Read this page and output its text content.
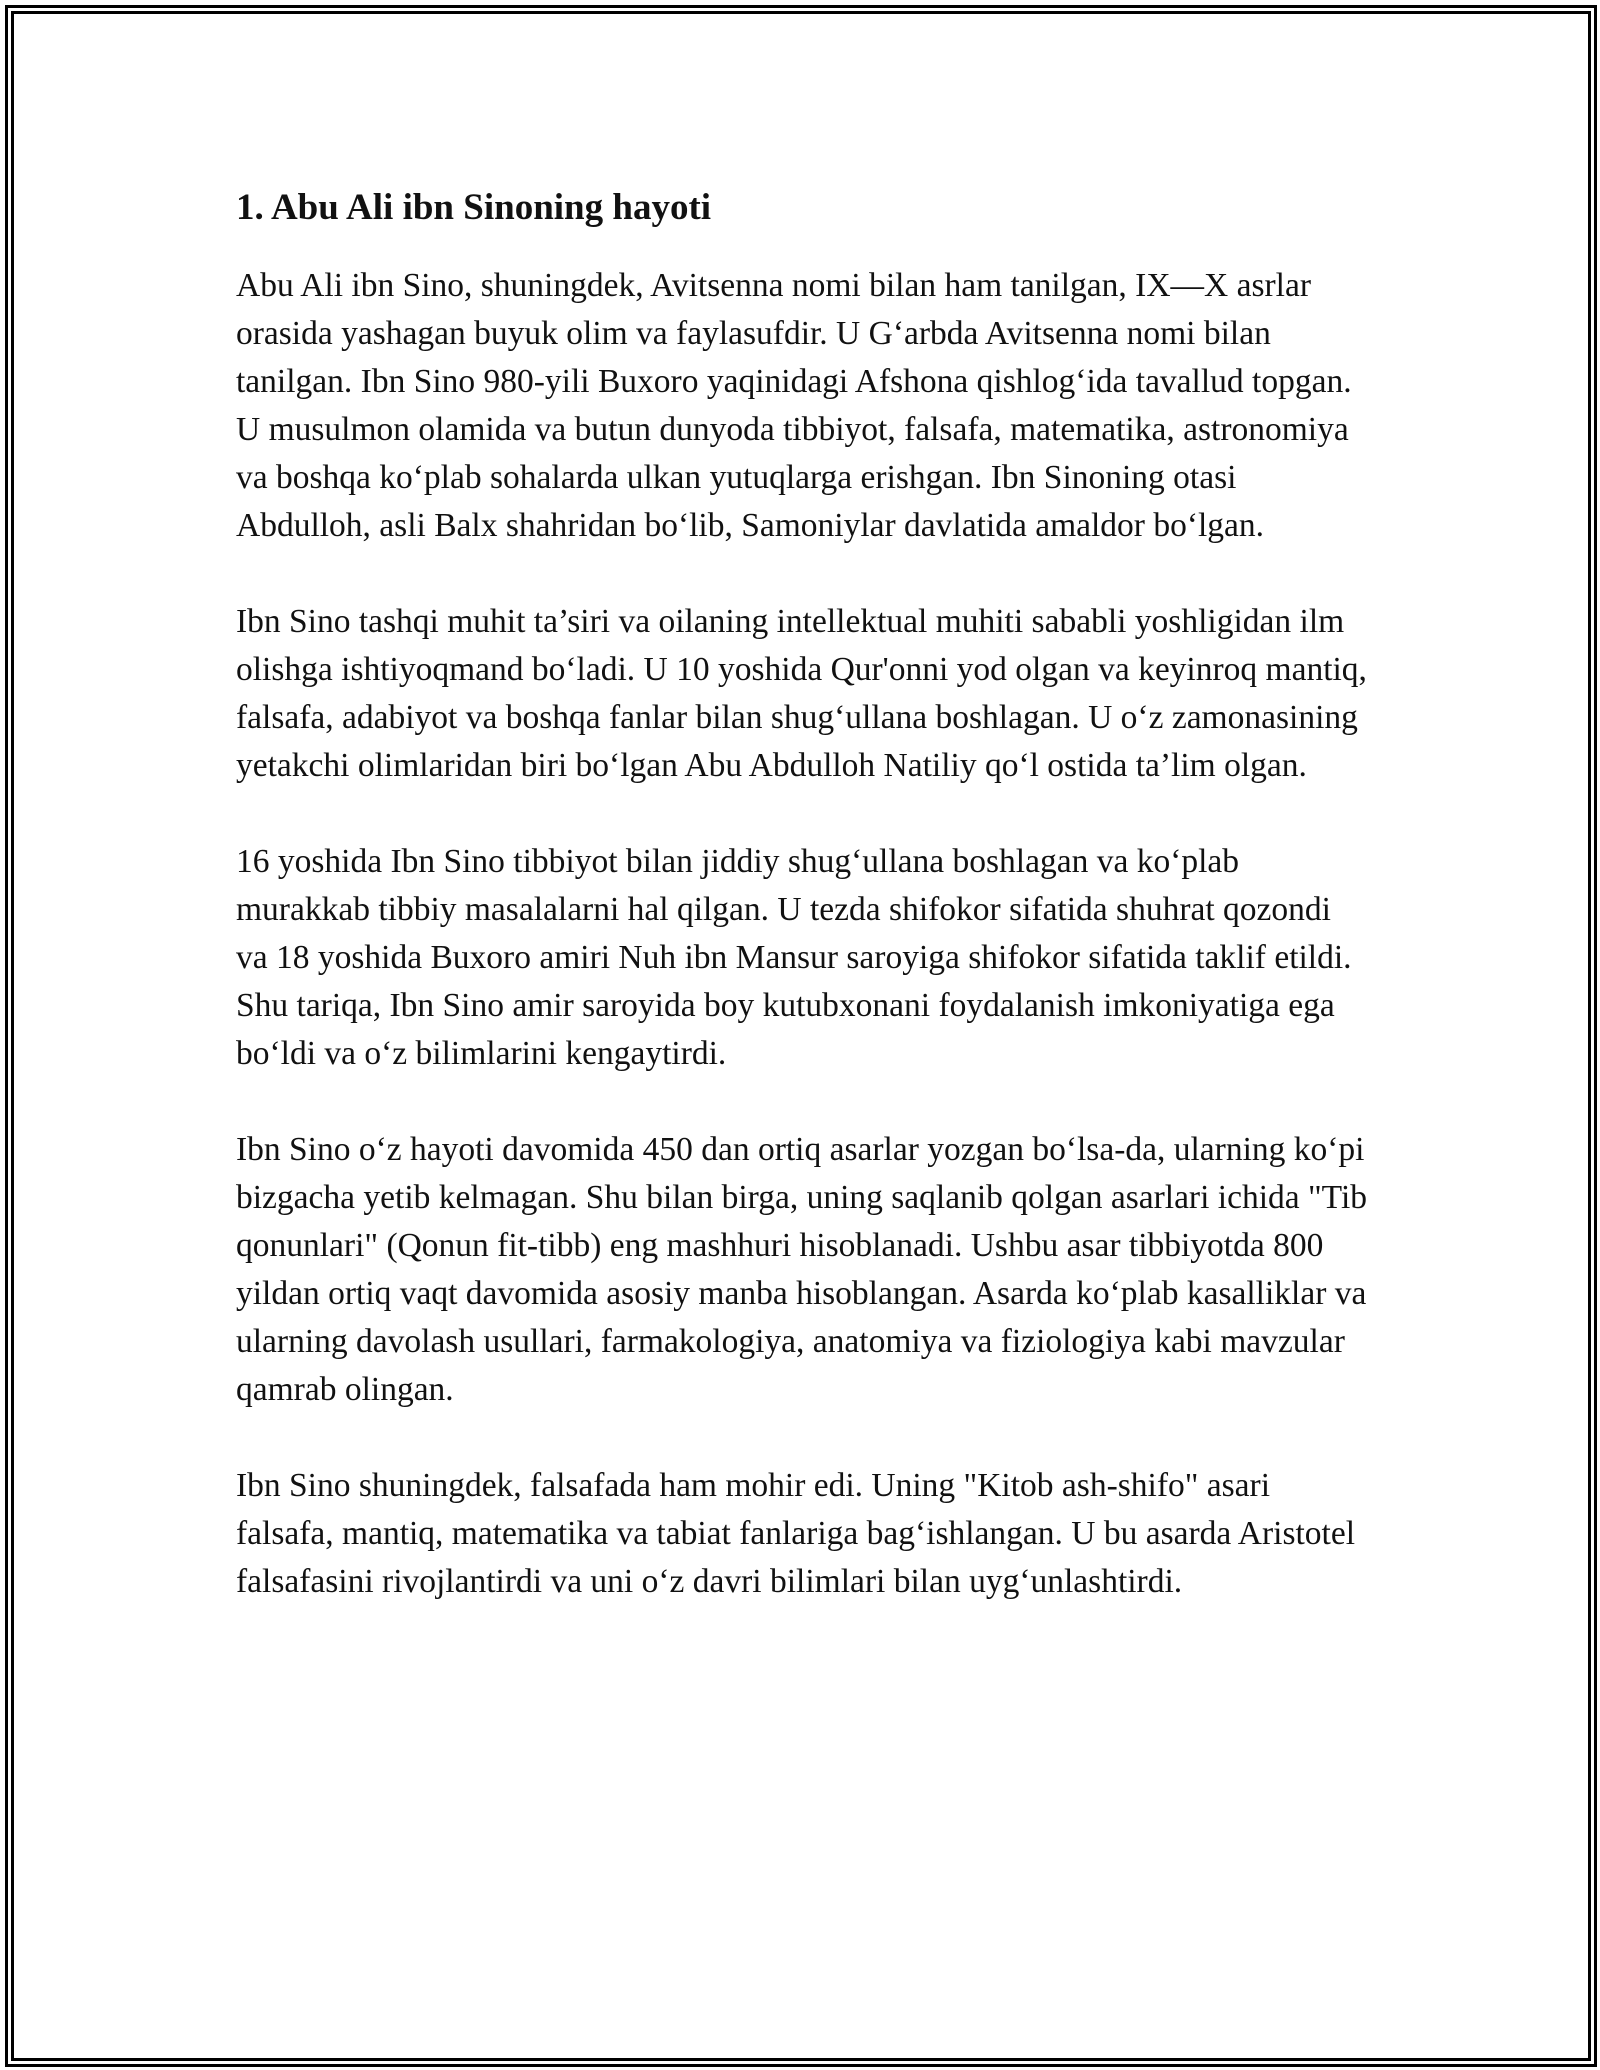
1. Abu Ali ibn Sinoning hayoti

Abu Ali ibn Sino, shuningdek, Avitsenna nomi bilan ham tanilgan, IX—X asrlar orasida yashagan buyuk olim va faylasufdir. U G‘arbda Avitsenna nomi bilan tanilgan. Ibn Sino 980-yili Buxoro yaqinidagi Afshona qishlog‘ida tavallud topgan. U musulmon olamida va butun dunyoda tibbiyot, falsafa, matematika, astronomiya va boshqa ko‘plab sohalarda ulkan yutuqlarga erishgan. Ibn Sinoning otasi Abdulloh, asli Balx shahridan bo‘lib, Samoniylar davlatida amaldor bo‘lgan.

Ibn Sino tashqi muhit ta’siri va oilaning intellektual muhiti sababli yoshligidan ilm olishga ishtiyoqmand bo‘ladi. U 10 yoshida Qur'onni yod olgan va keyinroq mantiq, falsafa, adabiyot va boshqa fanlar bilan shug‘ullana boshlagan. U o‘z zamonasining yetakchi olimlaridan biri bo‘lgan Abu Abdulloh Natiliy qo‘l ostida ta’lim olgan.

16 yoshida Ibn Sino tibbiyot bilan jiddiy shug‘ullana boshlagan va ko‘plab murakkab tibbiy masalalarni hal qilgan. U tezda shifokor sifatida shuhrat qozondi va 18 yoshida Buxoro amiri Nuh ibn Mansur saroyiga shifokor sifatida taklif etildi. Shu tariqa, Ibn Sino amir saroyida boy kutubxonani foydalanish imkoniyatiga ega bo‘ldi va o‘z bilimlarini kengaytirdi.

Ibn Sino o‘z hayoti davomida 450 dan ortiq asarlar yozgan bo‘lsa-da, ularning ko‘pi bizgacha yetib kelmagan. Shu bilan birga, uning saqlanib qolgan asarlari ichida "Tib qonunlari" (Qonun fit-tibb) eng mashhuri hisoblanadi. Ushbu asar tibbiyotda 800 yildan ortiq vaqt davomida asosiy manba hisoblangan. Asarda ko‘plab kasalliklar va ularning davolash usullari, farmakologiya, anatomiya va fiziologiya kabi mavzular qamrab olingan.

Ibn Sino shuningdek, falsafada ham mohir edi. Uning "Kitob ash-shifo" asari falsafa, mantiq, matematika va tabiat fanlariga bag‘ishlangan. U bu asarda Aristotel falsafasini rivojlantirdi va uni o‘z davri bilimlari bilan uyg‘unlashtirdi.
